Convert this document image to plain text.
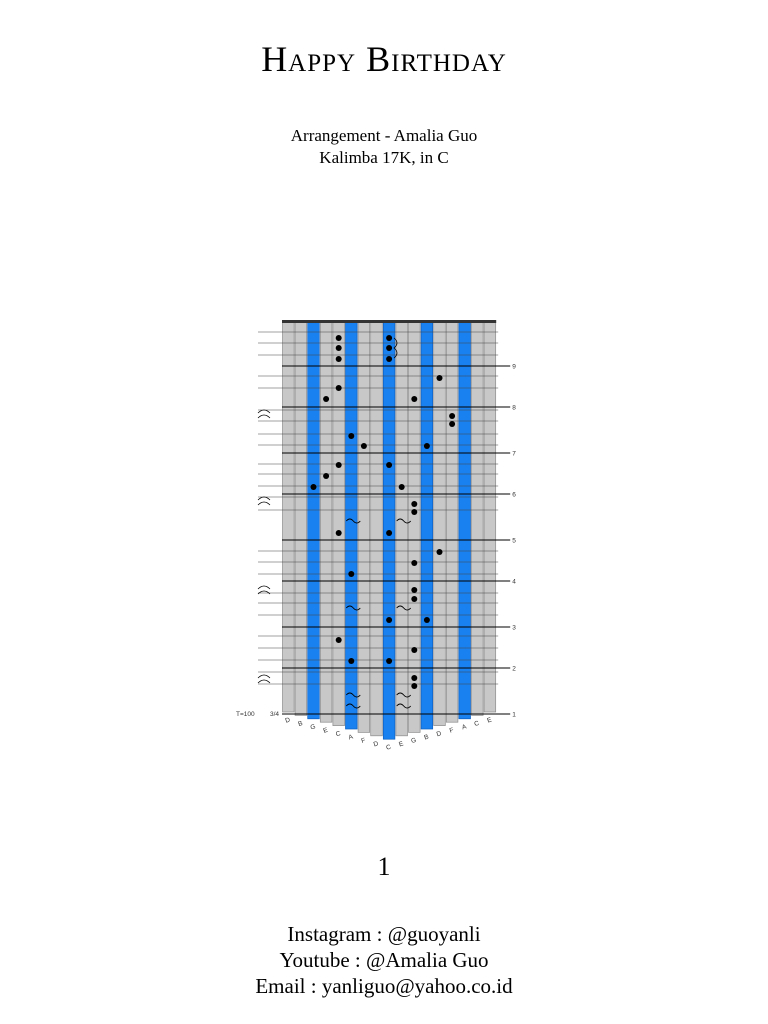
Happy Birthday
Arrangement - Amalia Guo
Kalimba 17K, in C
D B G E C A F D C E G B D F A C E
1
2
3
4
5
6
7
8
9
T=100 3/4
1
Instagram : @guoyanli
Youtube : @Amalia Guo
Email : yanliguo@yahoo.co.id
